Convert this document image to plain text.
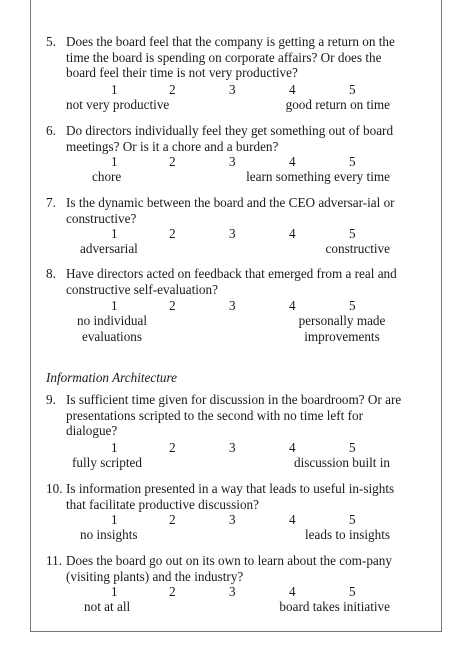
5. Does the board feel that the company is getting a return on the time the board is spending on corporate affairs? Or does the board feel their time is not very productive?
1	2	3	4	5
not very productive	good return on time
6. Do directors individually feel they get something out of board meetings? Or is it a chore and a burden?
1	2	3	4	5
chore	learn something every time
7. Is the dynamic between the board and the CEO adversar-ial or constructive?
1	2	3	4	5
adversarial	constructive
8. Have directors acted on feedback that emerged from a real and constructive self-evaluation?
1	2	3	4	5
no individual evaluations
personally made improvements
Information Architecture
9. Is sufficient time given for discussion in the boardroom? Or are presentations scripted to the second with no time left for dialogue?
1	2	3	4	5
fully scripted	discussion built in
10. Is information presented in a way that leads to useful in-sights that facilitate productive discussion?
1	2	3	4	5
no insights	leads to insights
11. Does the board go out on its own to learn about the com-pany (visiting plants) and the industry?
1	2	3	4	5
not at all	board takes initiative
